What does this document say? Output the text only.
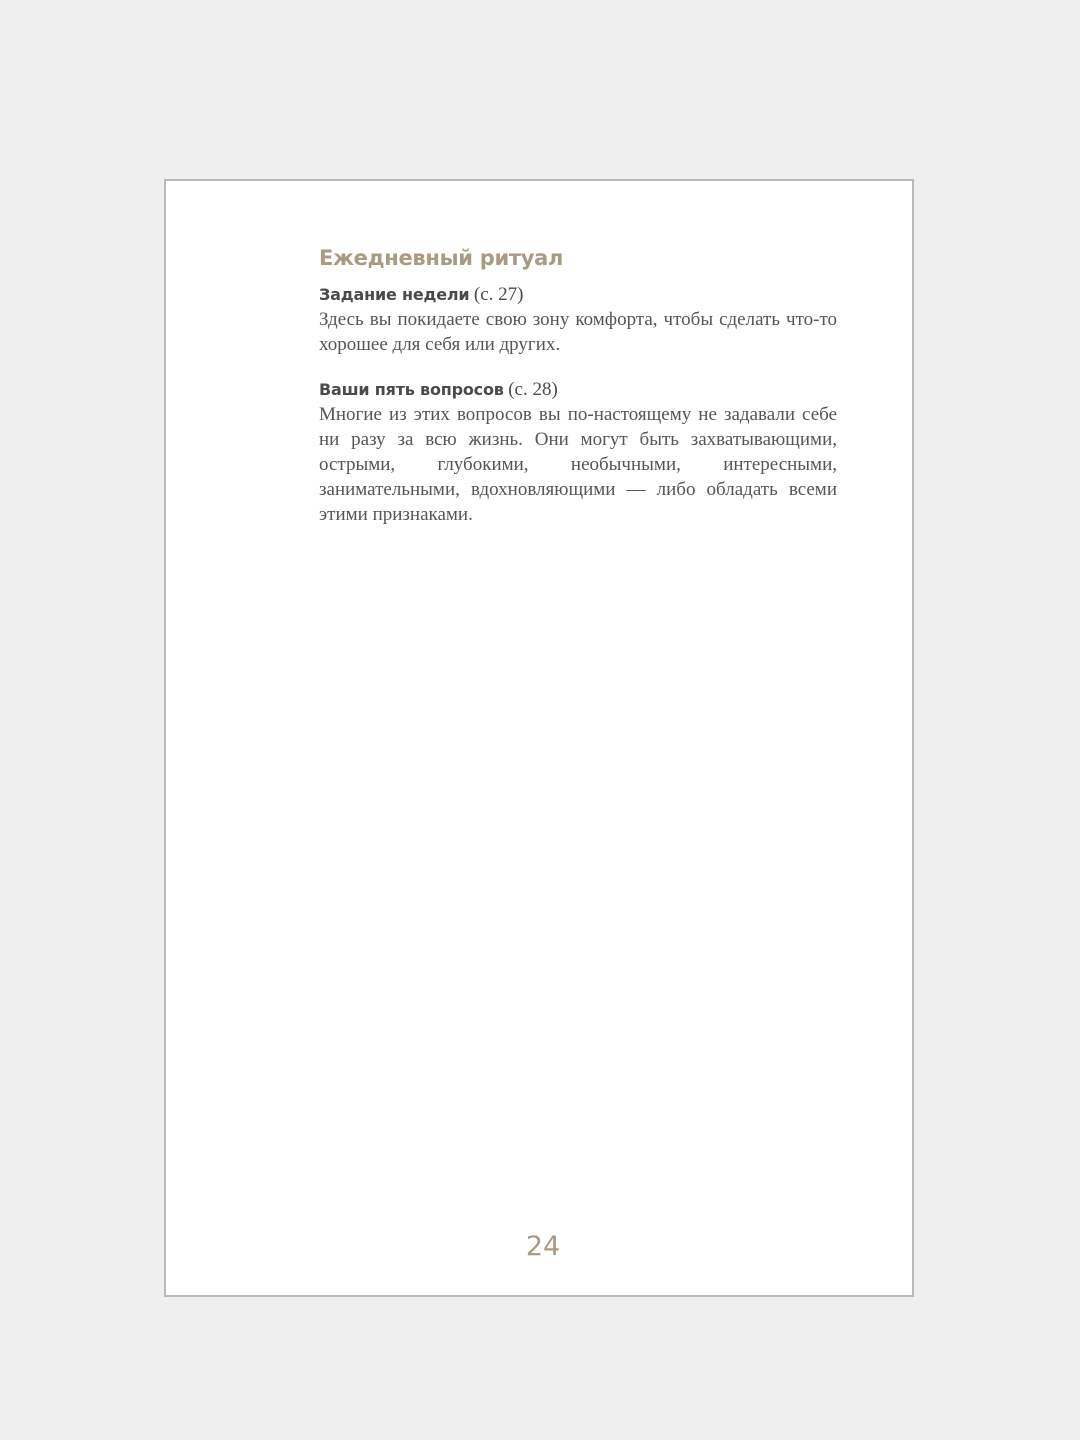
Ежедневный ритуал
Задание недели (с. 27)
Здесь вы покидаете свою зону комфорта, чтобы сделать что-то хорошее для себя или других.
Ваши пять вопросов (с. 28)
Многие из этих вопросов вы по-настоящему не задавали себе ни разу за всю жизнь. Они могут быть захватывающими, острыми, глубокими, необычными, интересными, занимательными, вдохновляющими — либо обладать всеми этими признаками.
24
